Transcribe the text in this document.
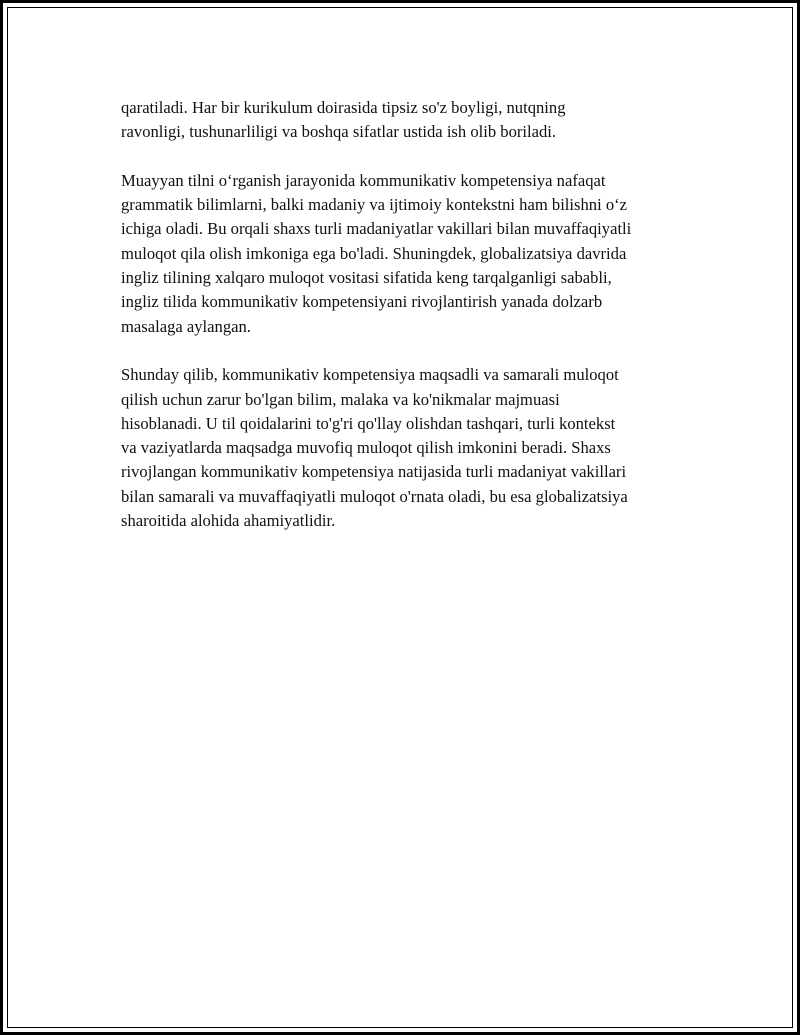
qaratiladi. Har bir kurikulum doirasida tipsiz so'z boyligi, nutqning
ravonligi, tushunarliligi va boshqa sifatlar ustida ish olib boriladi.

Muayyan tilni o‘rganish jarayonida kommunikativ kompetensiya nafaqat
grammatik bilimlarni, balki madaniy va ijtimoiy kontekstni ham bilishni o‘z
ichiga oladi. Bu orqali shaxs turli madaniyatlar vakillari bilan muvaffaqiyatli
muloqot qila olish imkoniga ega bo'ladi. Shuningdek, globalizatsiya davrida
ingliz tilining xalqaro muloqot vositasi sifatida keng tarqalganligi sababli,
ingliz tilida kommunikativ kompetensiyani rivojlantirish yanada dolzarb
masalaga aylangan.

Shunday qilib, kommunikativ kompetensiya maqsadli va samarali muloqot
qilish uchun zarur bo'lgan bilim, malaka va ko'nikmalar majmuasi
hisoblanadi. U til qoidalarini to'g'ri qo'llay olishdan tashqari, turli kontekst
va vaziyatlarda maqsadga muvofiq muloqot qilish imkonini beradi. Shaxs
rivojlangan kommunikativ kompetensiya natijasida turli madaniyat vakillari
bilan samarali va muvaffaqiyatli muloqot o'rnata oladi, bu esa globalizatsiya
sharoitida alohida ahamiyatlidir.
